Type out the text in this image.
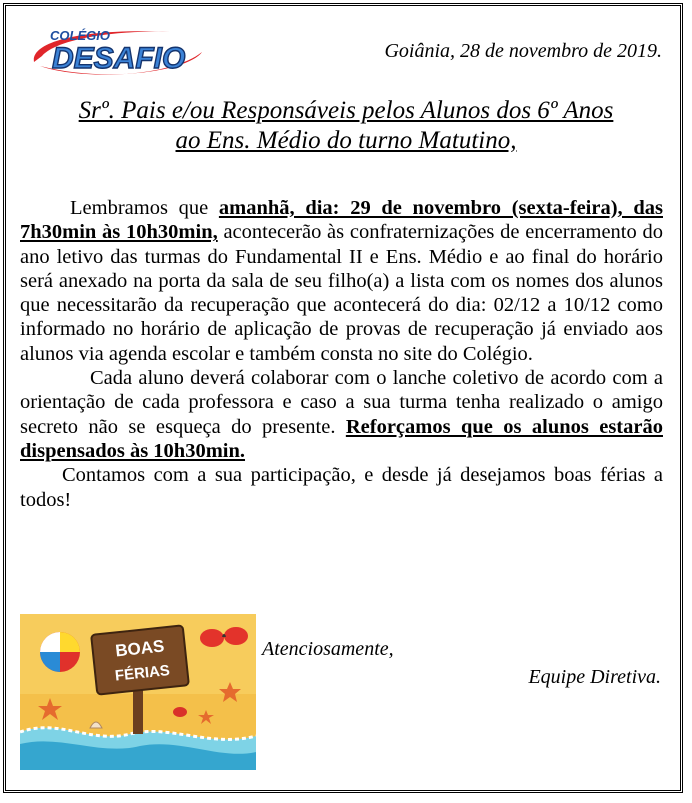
COLÉGIO
DESAFIO	Goiânia, 28 de novembro de 2019.
Srº. Pais e/ou Responsáveis pelos Alunos dos 6º Anos
ao Ens. Médio do turno Matutino,

Lembramos que amanhã, dia: 29 de novembro (sexta-feira), das 7h30min às 10h30min, acontecerão às confraternizações de encerramento do ano letivo das turmas do Fundamental II e Ens. Médio e ao final do horário será anexado na porta da sala de seu filho(a) a lista com os nomes dos alunos que necessitarão da recuperação que acontecerá do dia: 02/12 a 10/12 como informado no horário de aplicação de provas de recuperação já enviado aos alunos via agenda escolar e também consta no site do Colégio.

Cada aluno deverá colaborar com o lanche coletivo de acordo com a orientação de cada professora e caso a sua turma tenha realizado o amigo secreto não se esqueça do presente. Reforçamos que os alunos estarão dispensados às 10h30min.

Contamos com a sua participação, e desde já desejamos boas férias a todos!

BOAS
FÉRIAS
Atenciosamente,
Equipe Diretiva.
